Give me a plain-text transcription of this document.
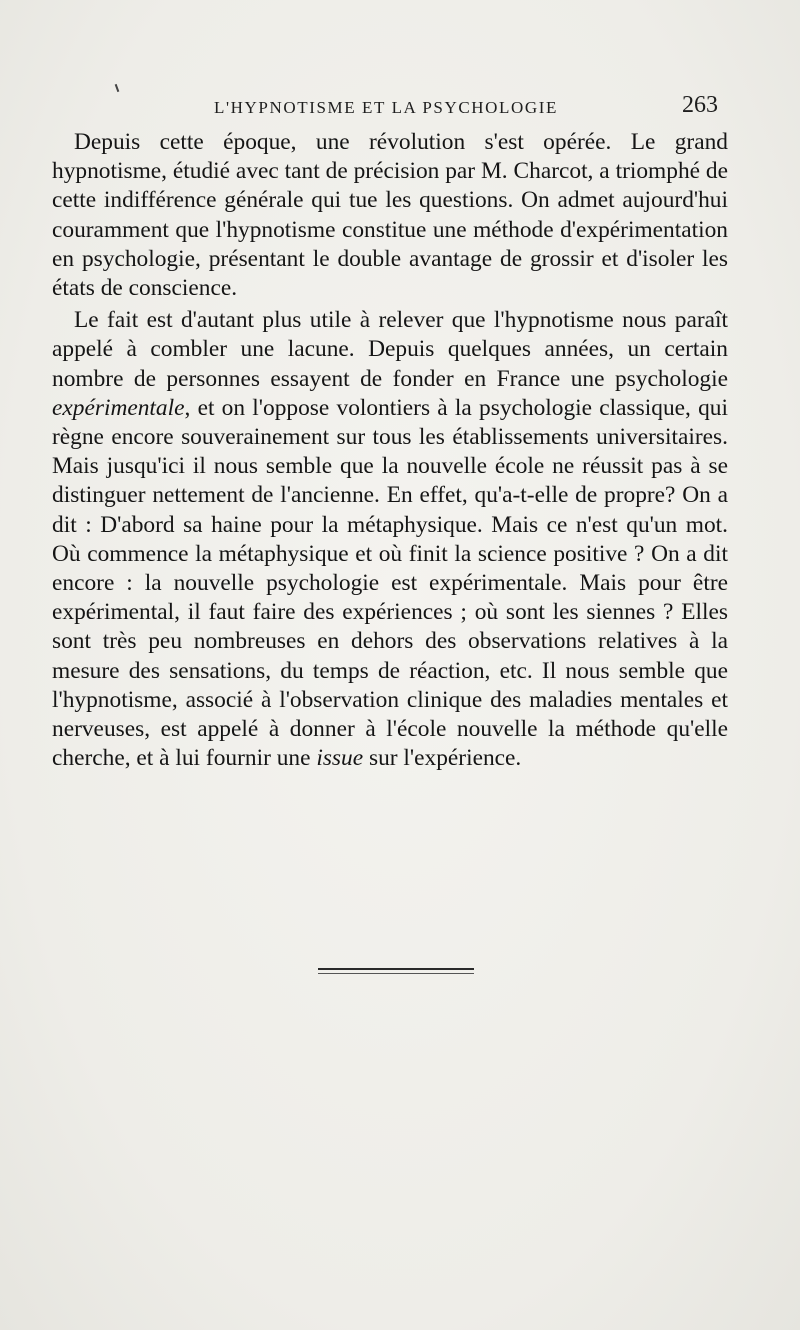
L'HYPNOTISME ET LA PSYCHOLOGIE	263

Depuis cette époque, une révolution s'est opérée. Le grand hypnotisme, étudié avec tant de précision par M. Charcot, a triomphé de cette indifférence générale qui tue les questions. On admet aujourd'hui couramment que l'hypnotisme constitue une méthode d'expérimentation en psychologie, présentant le double avantage de grossir et d'isoler les états de conscience.

Le fait est d'autant plus utile à relever que l'hypnotisme nous paraît appelé à combler une lacune. Depuis quelques années, un certain nombre de personnes essayent de fonder en France une psychologie expérimentale, et on l'oppose volontiers à la psychologie classique, qui règne encore souverainement sur tous les établissements universitaires. Mais jusqu'ici il nous semble que la nouvelle école ne réussit pas à se distinguer nettement de l'ancienne. En effet, qu'a-t-elle de propre? On a dit : D'abord sa haine pour la métaphysique. Mais ce n'est qu'un mot. Où commence la métaphysique et où finit la science positive ? On a dit encore : la nouvelle psychologie est expérimentale. Mais pour être expérimental, il faut faire des expériences ; où sont les siennes ? Elles sont très peu nombreuses en dehors des observations relatives à la mesure des sensations, du temps de réaction, etc. Il nous semble que l'hypnotisme, associé à l'observation clinique des maladies mentales et nerveuses, est appelé à donner à l'école nouvelle la méthode qu'elle cherche, et à lui fournir une issue sur l'expérience.
